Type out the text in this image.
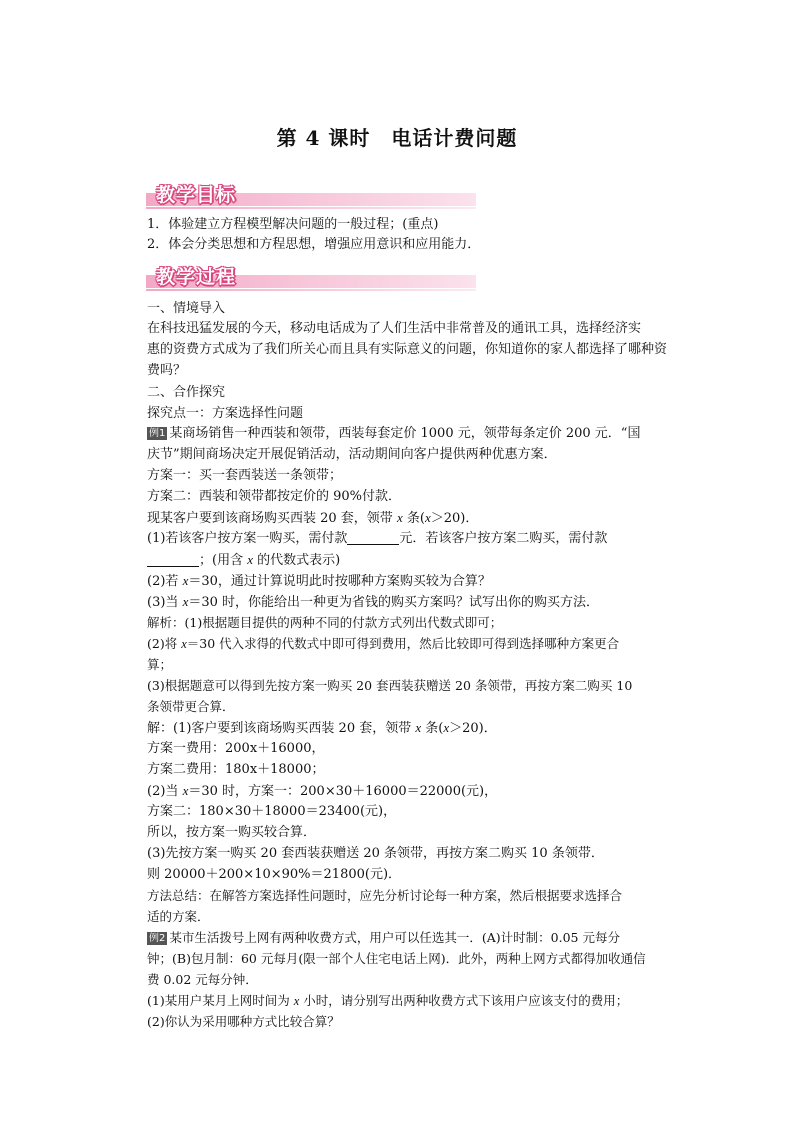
第 4 课时　电话计费问题
教学目标
1．体验建立方程模型解决问题的一般过程；(重点)
2．体会分类思想和方程思想，增强应用意识和应用能力．
教学过程
一、情境导入
在科技迅猛发展的今天，移动电话成为了人们生活中非常普及的通讯工具，选择经济实
惠的资费方式成为了我们所关心而且具有实际意义的问题，你知道你的家人都选择了哪种资
费吗？
二、合作探究
探究点一：方案选择性问题
例1 某商场销售一种西装和领带，西装每套定价 1000 元，领带每条定价 200 元．“国
庆节”期间商场决定开展促销活动，活动期间向客户提供两种优惠方案．
方案一：买一套西装送一条领带；
方案二：西装和领带都按定价的 90%付款．
现某客户要到该商场购买西装 20 套，领带 x 条(x＞20)．
(1)若该客户按方案一购买，需付款	元．若该客户按方案二购买，需付款
；(用含 x 的代数式表示)
(2)若 x＝30，通过计算说明此时按哪种方案购买较为合算？
(3)当 x＝30 时，你能给出一种更为省钱的购买方案吗？试写出你的购买方法．
解析：(1)根据题目提供的两种不同的付款方式列出代数式即可；
(2)将 x＝30 代入求得的代数式中即可得到费用，然后比较即可得到选择哪种方案更合
算；
(3)根据题意可以得到先按方案一购买 20 套西装获赠送 20 条领带，再按方案二购买 10
条领带更合算．
解：(1)客户要到该商场购买西装 20 套，领带 x 条(x＞20)．
方案一费用：200x＋16000，
方案二费用：180x＋18000；
(2)当 x＝30 时，方案一：200×30＋16000＝22000(元)，
方案二：180×30＋18000＝23400(元)，
所以，按方案一购买较合算．
(3)先按方案一购买 20 套西装获赠送 20 条领带，再按方案二购买 10 条领带．
则 20000＋200×10×90%＝21800(元)．
方法总结：在解答方案选择性问题时，应先分析讨论每一种方案，然后根据要求选择合
适的方案．
例2 某市生活拨号上网有两种收费方式，用户可以任选其一．(A)计时制：0.05 元每分
钟；(B)包月制：60 元每月(限一部个人住宅电话上网)．此外，两种上网方式都得加收通信
费 0.02 元每分钟．
(1)某用户某月上网时间为 x 小时，请分别写出两种收费方式下该用户应该支付的费用；
(2)你认为采用哪种方式比较合算？
